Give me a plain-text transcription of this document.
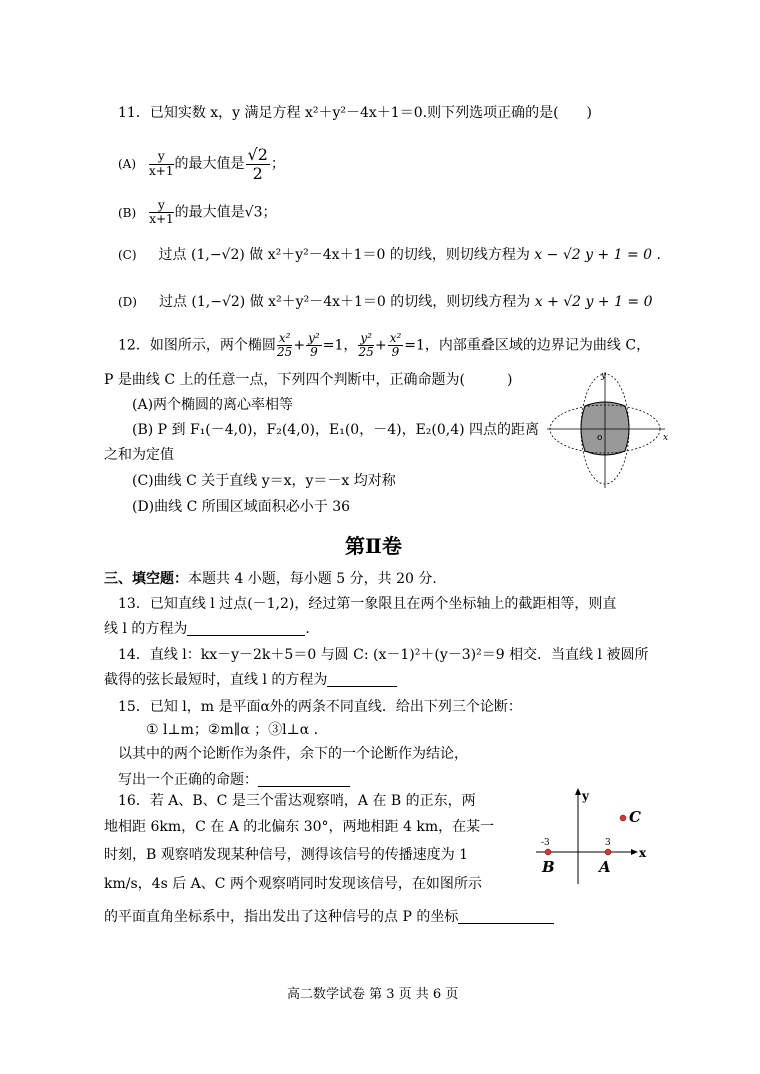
11．已知实数 x，y 满足方程 x²＋y²－4x＋1＝0.则下列选项正确的是(　　)
$(A) \frac{y}{x+1}$ 的最大值是 $\frac{√2}{2}$ ；
$(B) \frac{y}{x+1}$ 的最大值是√3；
(C) 过点 (1,−√2) 做 x²＋y²－4x＋1＝0 的切线，则切线方程为 x − √2 y + 1 = 0 .
(D) 过点 (1,−√2) 做 x²＋y²－4x＋1＝0 的切线，则切线方程为 x + √2 y + 1 = 0
12．如图所示，两个椭圆 $\frac{\text{x²}}{25} + \frac{\text{y²}}{9} =1$， $\frac{\text{y²}}{25} + \frac{\text{x²}}{9} =1$，内部重叠区域的边界记为曲线 C，
P 是曲线 C 上的任意一点，下列四个判断中，正确命题为(　　　)
(A)两个椭圆的离心率相等
(B) P 到 F₁(－4,0)，F₂(4,0)，E₁(0，－4)，E₂(0,4) 四点的距离
之和为定值
(C)曲线 C 关于直线 y＝x，y＝－x 均对称
(D)曲线 C 所围区域面积必小于 36
x
y
o
第Ⅱ卷
三、填空题：本题共 4 小题，每小题 5 分，共 20 分.
13．已知直线 l 过点(－1,2)，经过第一象限且在两个坐标轴上的截距相等，则直
线 l 的方程为	.
14．直线 l：kx－y－2k＋5＝0 与圆 C: (x－1)²＋(y－3)²＝9 相交．当直线 l 被圆所
截得的弦长最短时，直线 l 的方程为
15．已知 l，m 是平面α外的两条不同直线．给出下列三个论断：
① l⊥m；②m∥α ；③l⊥α ．
以其中的两个论断作为条件，余下的一个论断作为结论，
写出一个正确的命题：
16．若 A、B、C 是三个雷达观察哨，A 在 B 的正东，两
地相距 6km，C 在 A 的北偏东 30°，两地相距 4 km，在某一
时刻，B 观察哨发现某种信号，测得该信号的传播速度为 1
km/s，4s 后 A、C 两个观察哨同时发现该信号，在如图所示
的平面直角坐标系中，指出发出了这种信号的点 P 的坐标
y
x
-3	3
B	A
C
高二数学试卷 第 3 页 共 6 页
